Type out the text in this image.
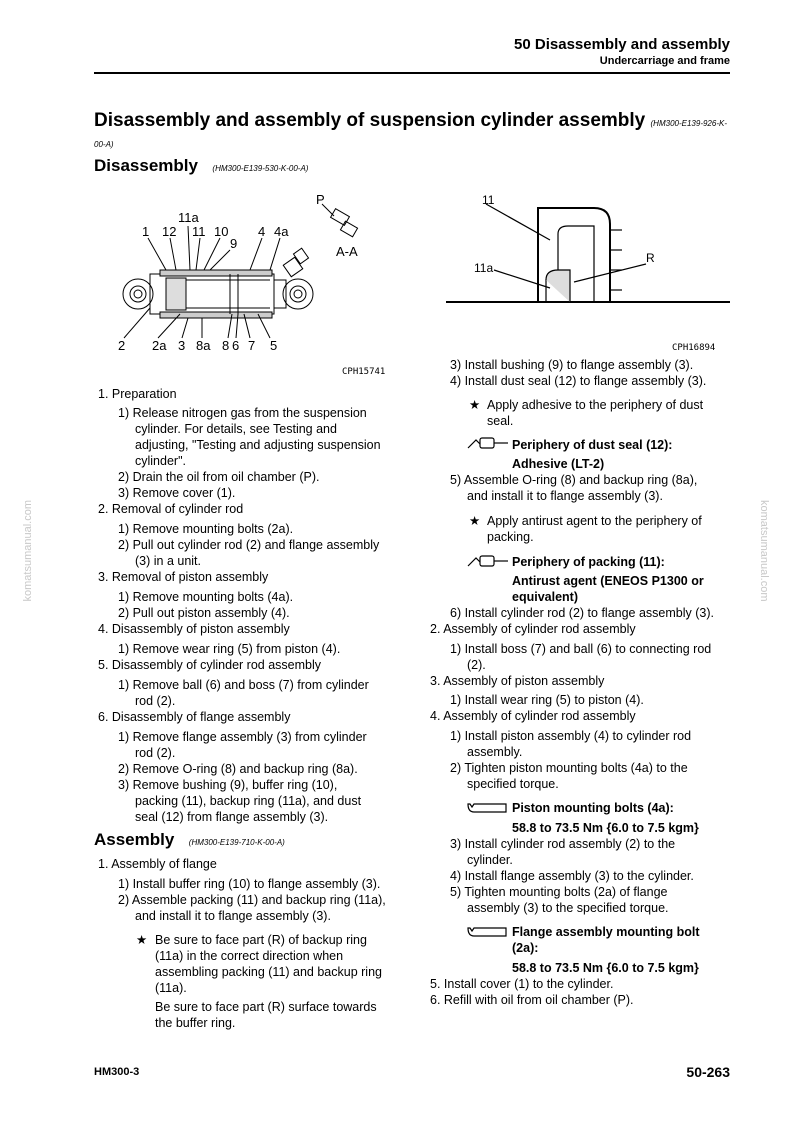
50 Disassembly and assembly
Undercarriage and frame
Disassembly and assembly of suspension cylinder assembly (HM300-E139-926-K-
00-A)
Disassembly (HM300-E139-530-K-00-A)
11a
1 12 11 10
9
4 4a
P
A-A
2 2a 3 8a 8 6 7 5
CPH15741
11
11a
R
CPH16894
1. Preparation
1) Release nitrogen gas from the suspension
cylinder. For details, see Testing and
adjusting, "Testing and adjusting suspension
cylinder".
2) Drain the oil from oil chamber (P).
3) Remove cover (1).
2. Removal of cylinder rod
1) Remove mounting bolts (2a).
2) Pull out cylinder rod (2) and flange assembly
(3) in a unit.
3. Removal of piston assembly
1) Remove mounting bolts (4a).
2) Pull out piston assembly (4).
4. Disassembly of piston assembly
1) Remove wear ring (5) from piston (4).
5. Disassembly of cylinder rod assembly
1) Remove ball (6) and boss (7) from cylinder
rod (2).
6. Disassembly of flange assembly
1) Remove flange assembly (3) from cylinder
rod (2).
2) Remove O-ring (8) and backup ring (8a).
3) Remove bushing (9), buffer ring (10),
packing (11), backup ring (11a), and dust
seal (12) from flange assembly (3).
Assembly (HM300-E139-710-K-00-A)
1. Assembly of flange
1) Install buffer ring (10) to flange assembly (3).
2) Assemble packing (11) and backup ring (11a),
and install it to flange assembly (3).
★ Be sure to face part (R) of backup ring
(11a) in the correct direction when
assembling packing (11) and backup ring
(11a).
Be sure to face part (R) surface towards
the buffer ring.
3) Install bushing (9) to flange assembly (3).
4) Install dust seal (12) to flange assembly (3).
★ Apply adhesive to the periphery of dust
seal.
Periphery of dust seal (12):
Adhesive (LT-2)
5) Assemble O-ring (8) and backup ring (8a),
and install it to flange assembly (3).
★ Apply antirust agent to the periphery of
packing.
Periphery of packing (11):
Antirust agent (ENEOS P1300 or
equivalent)
6) Install cylinder rod (2) to flange assembly (3).
2. Assembly of cylinder rod assembly
1) Install boss (7) and ball (6) to connecting rod
(2).
3. Assembly of piston assembly
1) Install wear ring (5) to piston (4).
4. Assembly of cylinder rod assembly
1) Install piston assembly (4) to cylinder rod
assembly.
2) Tighten piston mounting bolts (4a) to the
specified torque.
Piston mounting bolts (4a):
58.8 to 73.5 Nm {6.0 to 7.5 kgm}
3) Install cylinder rod assembly (2) to the
cylinder.
4) Install flange assembly (3) to the cylinder.
5) Tighten mounting bolts (2a) of flange
assembly (3) to the specified torque.
Flange assembly mounting bolt
(2a):
58.8 to 73.5 Nm {6.0 to 7.5 kgm}
5. Install cover (1) to the cylinder.
6. Refill with oil from oil chamber (P).
komatsumanual.com	komatsumanual.com
HM300-3	50-263
